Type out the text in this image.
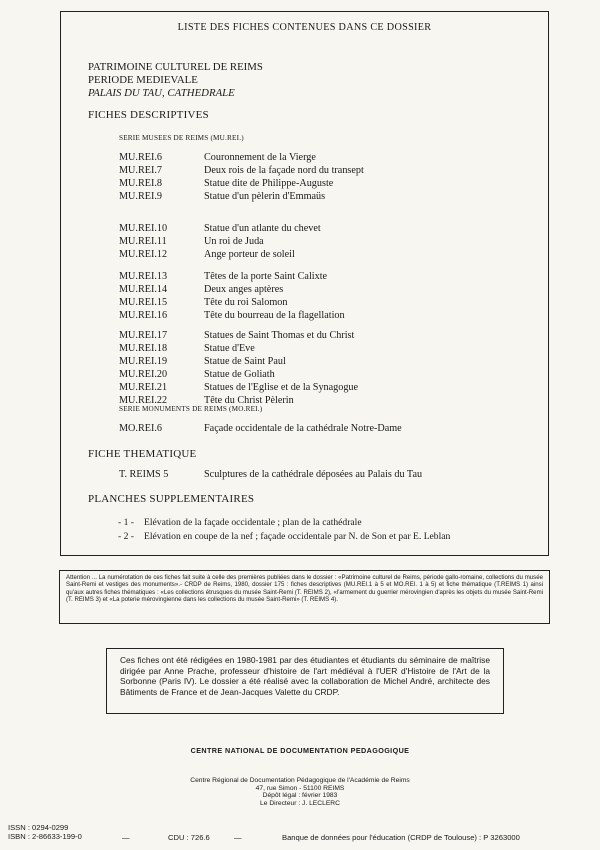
LISTE DES FICHES CONTENUES DANS CE DOSSIER
PATRIMOINE CULTUREL DE REIMS
PERIODE MEDIEVALE
PALAIS DU TAU, CATHEDRALE
FICHES DESCRIPTIVES
SERIE MUSEES DE REIMS (MU.REI.)
MU.REI.6	Couronnement de la Vierge
MU.REI.7	Deux rois de la façade nord du transept
MU.REI.8	Statue dite de Philippe-Auguste
MU.REI.9	Statue d'un pèlerin d'Emmaüs
MU.REI.10	Statue d'un atlante du chevet
MU.REI.11	Un roi de Juda
MU.REI.12	Ange porteur de soleil
MU.REI.13	Têtes de la porte Saint Calixte
MU.REI.14	Deux anges aptères
MU.REI.15	Tête du roi Salomon
MU.REI.16	Tête du bourreau de la flagellation
MU.REI.17	Statues de Saint Thomas et du Christ
MU.REI.18	Statue d'Eve
MU.REI.19	Statue de Saint Paul
MU.REI.20	Statue de Goliath
MU.REI.21	Statues de l'Eglise et de la Synagogue
MU.REI.22	Tête du Christ Pèlerin
SERIE MONUMENTS DE REIMS (MO.REI.)
MO.REI.6	Façade occidentale de la cathédrale Notre-Dame
FICHE THEMATIQUE
T. REIMS 5	Sculptures de la cathédrale déposées au Palais du Tau
PLANCHES SUPPLEMENTAIRES
- 1 - Elévation de la façade occidentale ; plan de la cathédrale
- 2 - Elévation en coupe de la nef ; façade occidentale par N. de Son et par E. Leblan
Attention ... La numérotation de ces fiches fait suite à celle des premières publiées dans le dossier : «Patrimoine culturel de Reims, période gallo-romaine, collections du musée Saint-Remi et vestiges des monuments».- CRDP de Reims, 1980, dossier 175 : fiches descriptives (MU.REI.1 à 5 et MO.REI. 1 à 5) et fiche thématique (T.REIMS 1) ainsi qu'aux autres fiches thématiques : «Les collections étrusques du musée Saint-Remi (T. REIMS 2), «l'armement du guerrier mérovingien d'après les objets du musée Saint-Remi (T. REIMS 3) et «La poterie mérovingienne dans les collections du musée Saint-Remi» (T. REIMS 4).
Ces fiches ont été rédigées en 1980-1981 par des étudiantes et étudiants du séminaire de maîtrise dirigée par Anne Prache, professeur d'histoire de l'art médiéval à l'UER d'Histoire de l'Art de la Sorbonne (Paris IV). Le dossier a été réalisé avec la collaboration de Michel André, architecte des Bâtiments de France et de Jean-Jacques Valette du CRDP.
CENTRE NATIONAL DE DOCUMENTATION PEDAGOGIQUE
Centre Régional de Documentation Pédagogique de l'Académie de Reims
47, rue Simon - 51100 REIMS
Dépôt légal : février 1983
Le Directeur : J. LECLERC
ISSN : 0294-0299
ISBN : 2-86633-199-0	—	CDU : 726.6	—	Banque de données pour l'éducation (CRDP de Toulouse) : P 3263000
